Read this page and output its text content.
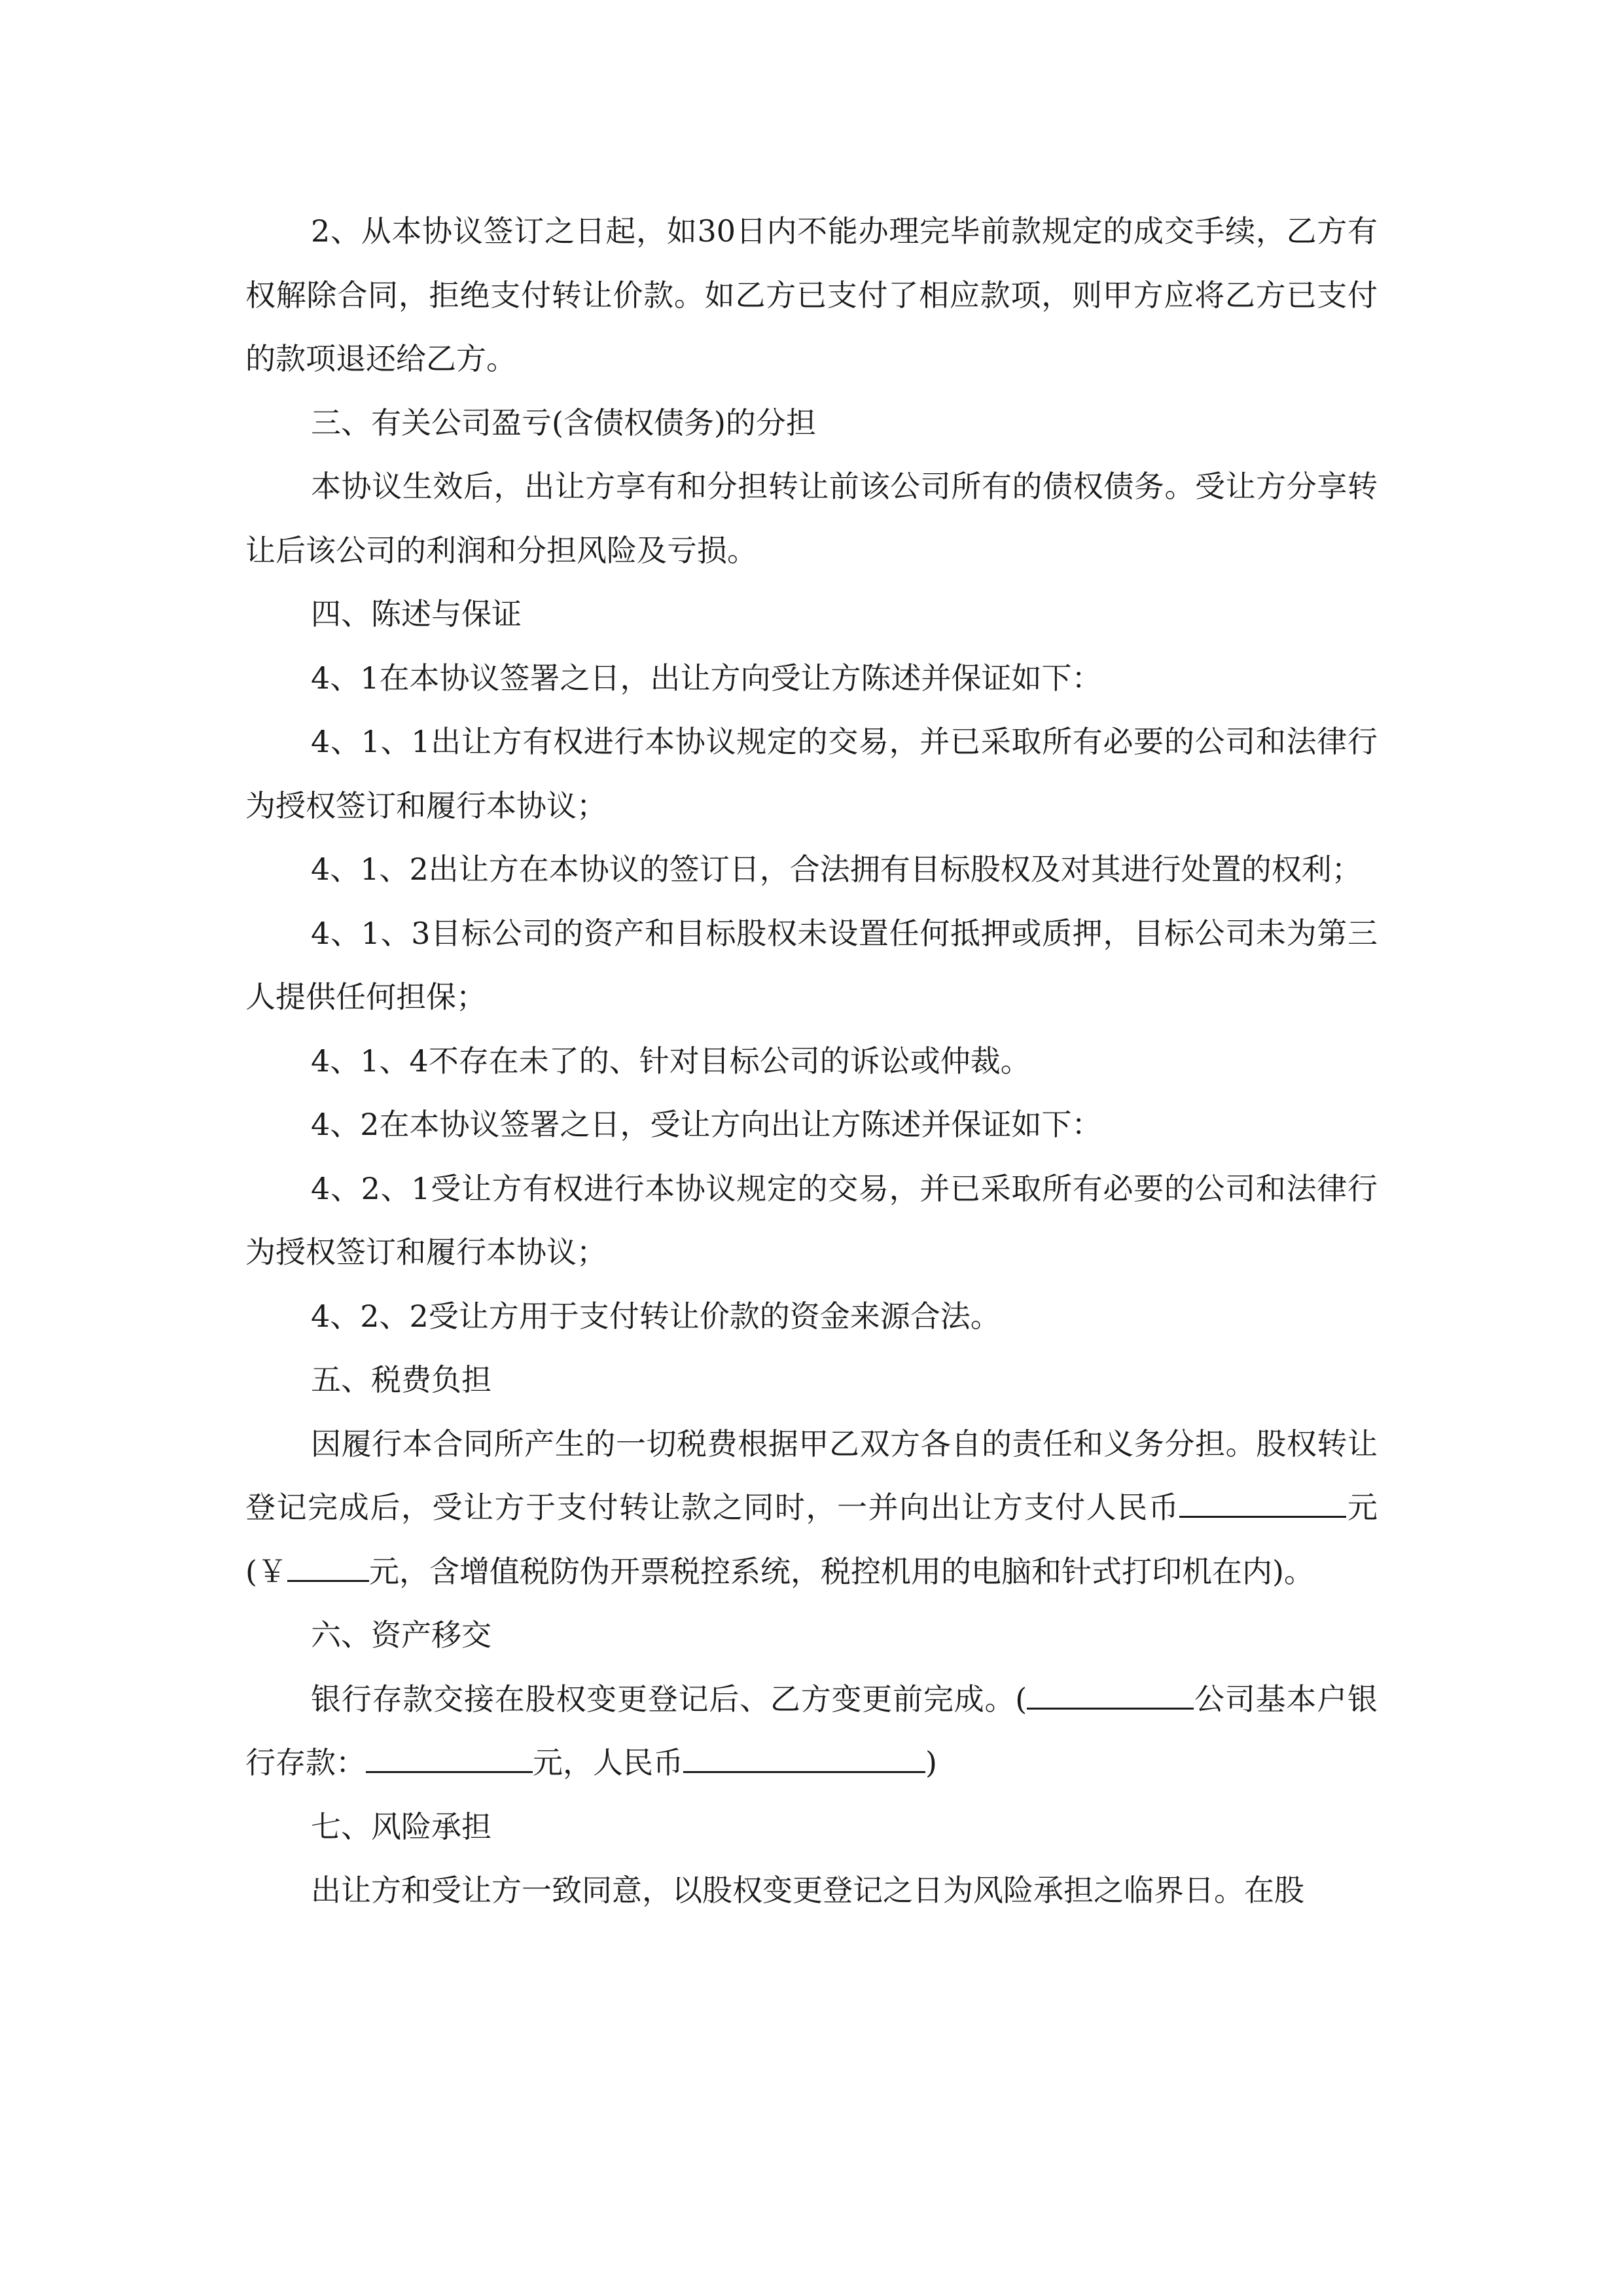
2、从本协议签订之日起，如30日内不能办理完毕前款规定的成交手续，乙方有权解除合同，拒绝支付转让价款。如乙方已支付了相应款项，则甲方应将乙方已支付的款项退还给乙方。

三、有关公司盈亏(含债权债务)的分担

本协议生效后，出让方享有和分担转让前该公司所有的债权债务。受让方分享转让后该公司的利润和分担风险及亏损。

四、陈述与保证

4、1在本协议签署之日，出让方向受让方陈述并保证如下：

4、1、1出让方有权进行本协议规定的交易，并已采取所有必要的公司和法律行为授权签订和履行本协议；

4、1、2出让方在本协议的签订日，合法拥有目标股权及对其进行处置的权利；

4、1、3目标公司的资产和目标股权未设置任何抵押或质押，目标公司未为第三人提供任何担保；

4、1、4不存在未了的、针对目标公司的诉讼或仲裁。

4、2在本协议签署之日，受让方向出让方陈述并保证如下：

4、2、1受让方有权进行本协议规定的交易，并已采取所有必要的公司和法律行为授权签订和履行本协议；

4、2、2受让方用于支付转让价款的资金来源合法。

五、税费负担

因履行本合同所产生的一切税费根据甲乙双方各自的责任和义务分担。股权转让登记完成后，受让方于支付转让款之同时，一并向出让方支付人民币	元(￥	元，含增值税防伪开票税控系统，税控机用的电脑和针式打印机在内)。

六、资产移交

银行存款交接在股权变更登记后、乙方变更前完成。(	公司基本户银行存款：	元，人民币	)

七、风险承担

出让方和受让方一致同意，以股权变更登记之日为风险承担之临界日。在股
